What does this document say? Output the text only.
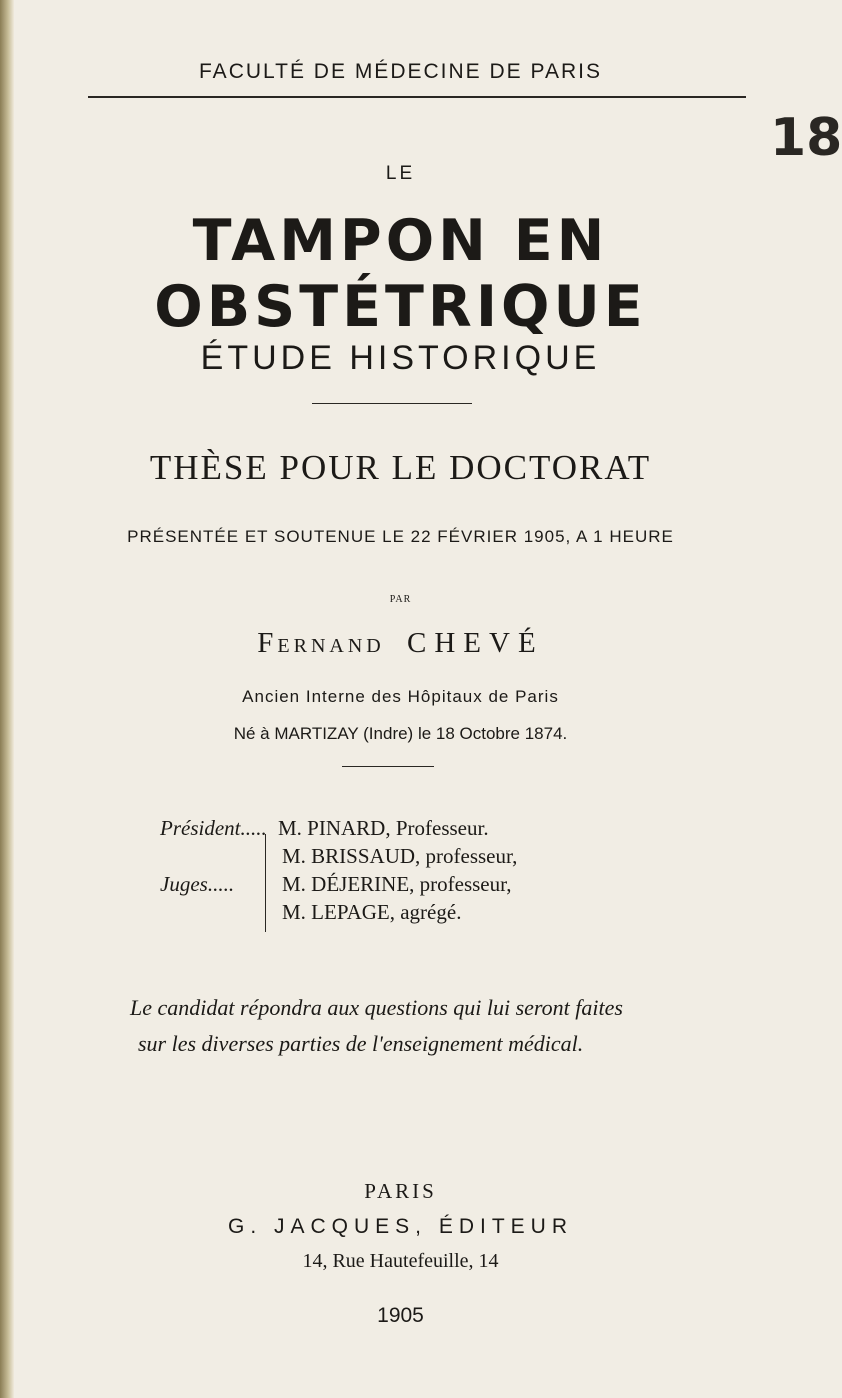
FACULTÉ DE MÉDECINE DE PARIS
18
LE
TAMPON EN OBSTÉTRIQUE
ÉTUDE HISTORIQUE
THÈSE POUR LE DOCTORAT
PRÉSENTÉE ET SOUTENUE LE 22 FÉVRIER 1905, A 1 HEURE
PAR
Fernand CHEVÉ
Ancien Interne des Hôpitaux de Paris
Né à MARTIZAY (Indre) le 18 Octobre 1874.
Président..... M. PINARD, Professeur.
Juges.....
M. BRISSAUD, professeur,
M. DÉJERINE, professeur,
M. LEPAGE, agrégé.
Le candidat répondra aux questions qui lui seront faites
sur les diverses parties de l'enseignement médical.
PARIS
G. JACQUES, ÉDITEUR
14, Rue Hautefeuille, 14
1905
